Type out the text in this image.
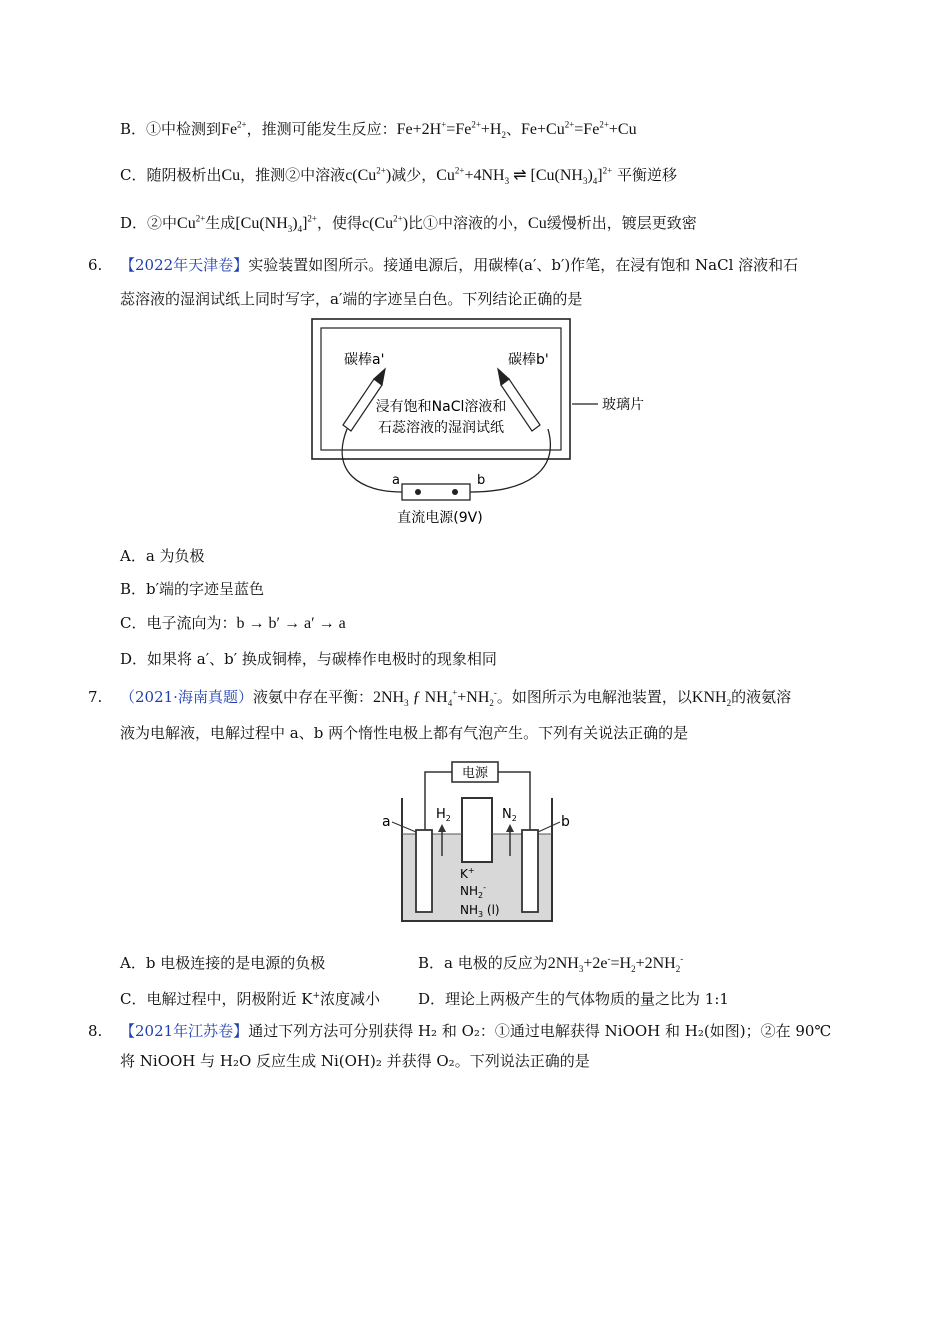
B．①中检测到$Fe^{2+}$，推测可能发生反应：$Fe+2H^+=Fe^{2+}+H_2$、$Fe+Cu^{2+}=Fe^{2+}+Cu$
C．随阴极析出Cu，推测②中溶液$c(Cu^{2+})$减少，$Cu^{2+}+4NH_3$ ⇌ $[Cu(NH_3)_4]^{2+}$ 平衡逆移
D．②中$Cu^{2+}$生成$[Cu(NH_3)_4]^{2+}$，使得$c(Cu^{2+})$比①中溶液的小，Cu缓慢析出，镀层更致密
6. 【2022年天津卷】实验装置如图所示。接通电源后，用碳棒(a′、b′)作笔，在浸有饱和 NaCl 溶液和石
蕊溶液的湿润试纸上同时写字，a′端的字迹呈白色。下列结论正确的是
玻璃片
碳棒a'	碳棒b'
浸有饱和NaCl溶液和
石蕊溶液的湿润试纸
a	b
直流电源(9V)
A．a 为负极
B．b′端的字迹呈蓝色
C．电子流向为：b → b′ → a′ → a
D．如果将 a′、b′ 换成铜棒，与碳棒作电极时的现象相同
7. （2021·海南真题）液氨中存在平衡：$2NH_3$ ƒ $NH_4^++NH_2^-$。如图所示为电解池装置，以$KNH_2$的液氨溶
液为电解液，电解过程中 a、b 两个惰性电极上都有气泡产生。下列有关说法正确的是
电源
a	b
$H_2$	$N_2$
K+
$NH_2^-$
$NH_3$ (l)
A．b 电极连接的是电源的负极	B．a 电极的反应为$2NH_3+2e^-=H_2+2NH_2^-$
C．电解过程中，阴极附近 K+浓度减小	D．理论上两极产生的气体物质的量之比为 1:1
8. 【2021年江苏卷】通过下列方法可分别获得 H₂ 和 O₂：①通过电解获得 NiOOH 和 H₂(如图)；②在 90℃
将 NiOOH 与 H₂O 反应生成 Ni(OH)₂ 并获得 O₂。下列说法正确的是
